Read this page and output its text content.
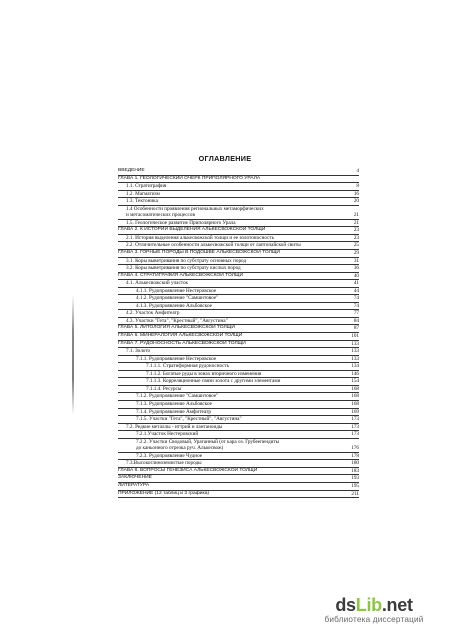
ОГЛАВЛЕНИЕ
ВВЕДЕНИЕ	4
ГЛАВА 1. ГЕОЛОГИЧЕСКИЙ ОЧЕРК ПРИПОЛЯРНОГО УРАЛА
1.1. Стратиграфия	8
1.2. Магматизм	16
1.3. Тектоника	20
1.4 Особенности проявления региональных метаморфических
и метасоматических процессов	21
1.5. Геологическое развитие Приполярного Урала	21
ГЛАВА 2. К ИСТОРИИ ВЫДЕЛЕНИЯ АЛЬКЕСВОЖСКОЙ ТОЛЩИ	23
2.1. История выделения алькесвожской толщи и ее золотоносность	23
2.2. Отличительные особенности алькесвожской толщи от лаптопайской свиты	25
ГЛАВА 3. ГОРНЫЕ ПОРОДЫ В ПОДОШВЕ АЛЬКЕСВОЖСКОЙ ТОЛЩИ	29
3.1. Коры выветривания по субстрату основных пород	31
3.2. Коры выветривания по субстрату кислых пород	36
ГЛАВА 4. СТРАТИГРАФИЯ АЛЬКЕСВОЖСКОЙ ТОЛЩИ	40
4.1. Алькесвожский участок	41
4.1.1. Рудопроявление Нестеровское	44
4.1.2. Рудопроявление "Самшитовое"	74
4.1.3. Рудопроявление Альбовское	74
4.2. Участок Амфитеатр	77
4.3. Участки "Гета", "Крестный", "Августина"	84
ГЛАВА 5. ЛИТОЛОГИЯ АЛЬКЕСВОЖСКОЙ ТОЛЩИ	87
ГЛАВА 6. МИНЕРАЛОГИЯ АЛЬКЕСВОЖСКОЙ ТОЛЩИ	101
ГЛАВА 7. РУДОНОСНОСТЬ АЛЬКЕСВОЖСКОЙ ТОЛЩИ	133
7.1. Золото	133
7.1.1. Рудопроявление Нестеровское	133
7.1.1.1. Стратиформная рудоносность	134
7.1.1.2. Богатые руды в зонах вторичного изменения	146
7.1.1.3. Корреляционные связи золота с другими элементами	154
7.1.1.4. Ресурсы	168
7.1.2. Рудопроявление "Самшитовое"	168
7.1.3. Рудопроявление Альбовское	168
7.1.4. Рудопроявление Амфитеатр	169
7.1.5. Участки "Гета", "Крестный", "Августина"	173
7.2. Редкие металлы - иттрий и лантаноиды	173
7.2.1.Участок Нестеровский	173
7.2.2. Участки Сводовый, Ураганный (от кара оз. Грубеепендиты
до каньонного отрезка руч. Алькесвож)	176
7.2.3. Рудопроявление Чудное	178
7.3.Высокоглиноземистые породы	180
ГЛАВА 8. ВОПРОСЫ ГЕНЕЗИСА АЛЬКЕСВОЖСКОЙ ТОЛЩИ	183
ЗАКЛЮЧЕНИЕ	193
ЛИТЕРАТУРА	195
ПРИЛОЖЕНИЕ (12 таблиц и 3 графика)	211
dsLib.net
библиотека диссертаций
